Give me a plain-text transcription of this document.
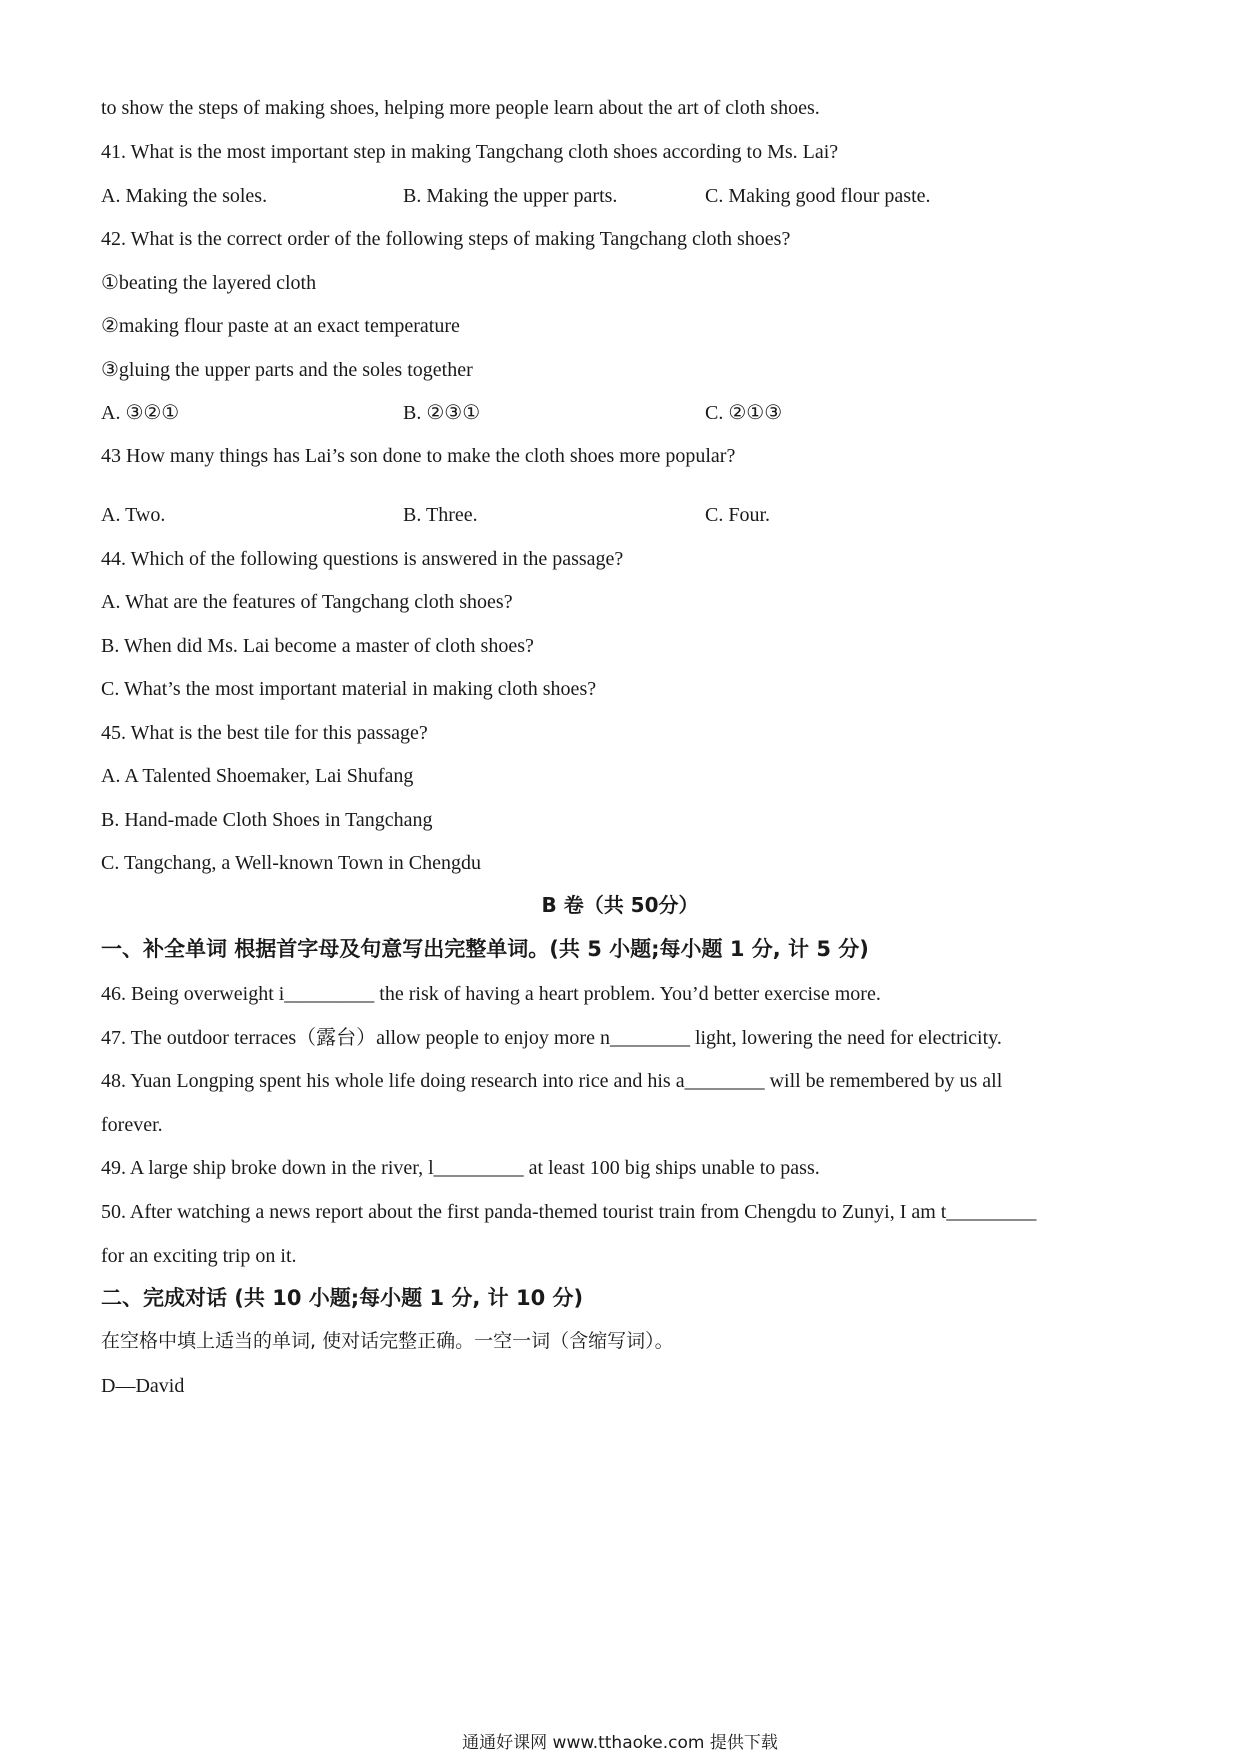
to show the steps of making shoes, helping more people learn about the art of cloth shoes.
41. What is the most important step in making Tangchang cloth shoes according to Ms. Lai?
A. Making the soles.	B. Making the upper parts.	C. Making good flour paste.
42. What is the correct order of the following steps of making Tangchang cloth shoes?
①beating the layered cloth
②making flour paste at an exact temperature
③gluing the upper parts and the soles together
A. ③②①	B. ②③①	C. ②①③
43 How many things has Lai’s son done to make the cloth shoes more popular?
A. Two.	B. Three.	C. Four.
44. Which of the following questions is answered in the passage?
A. What are the features of Tangchang cloth shoes?
B. When did Ms. Lai become a master of cloth shoes?
C. What’s the most important material in making cloth shoes?
45. What is the best tile for this passage?
A. A Talented Shoemaker, Lai Shufang
B. Hand-made Cloth Shoes in Tangchang
C. Tangchang, a Well-known Town in Chengdu
B 卷（共 50分）
一、补全单词 根据首字母及句意写出完整单词。(共 5 小题;每小题 1 分, 计 5 分)
46. Being overweight i_________ the risk of having a heart problem. You’d better exercise more.
47. The outdoor terraces（露台）allow people to enjoy more n________ light, lowering the need for electricity.
48. Yuan Longping spent his whole life doing research into rice and his a________ will be remembered by us all
forever.
49. A large ship broke down in the river, l_________ at least 100 big ships unable to pass.
50. After watching a news report about the first panda-themed tourist train from Chengdu to Zunyi, I am t_________
for an exciting trip on it.
二、完成对话 (共 10 小题;每小题 1 分, 计 10 分)
在空格中填上适当的单词, 使对话完整正确。一空一词（含缩写词）。
D—David
通通好课网 www.tthaoke.com 提供下载
